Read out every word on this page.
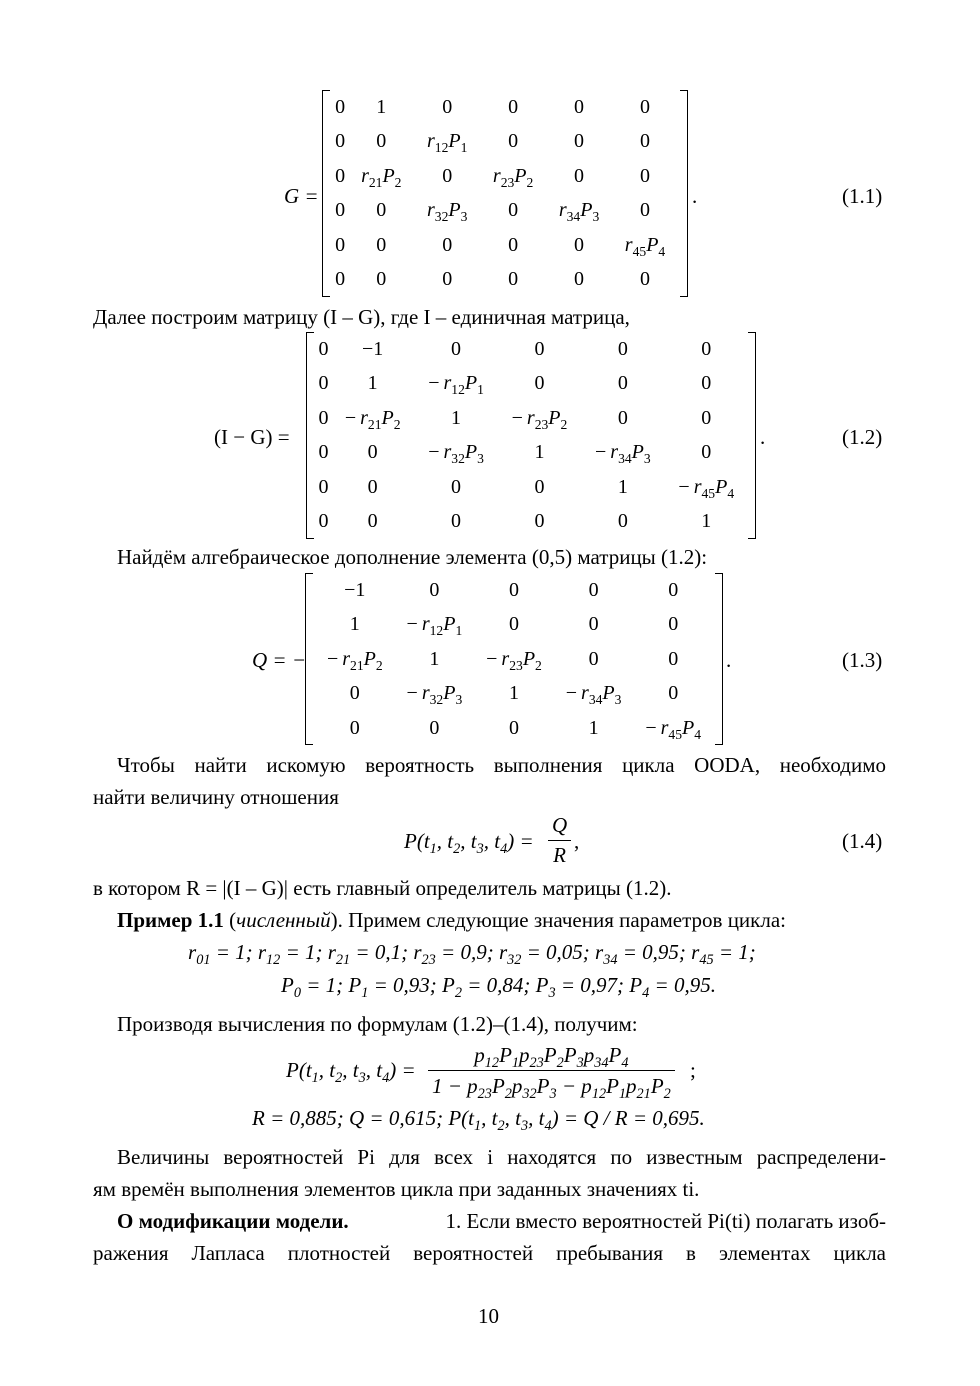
G =
0	1	0	0	0	0
0	0	$r_{12}P_1$	0	0	0
0	$r_{21}P_2$	0	$r_{23}P_2$	0	0
0	0	$r_{32}P_3$	0	$r_{34}P_3$	0
0	0	0	0	0	$r_{45}P_4$
0	0	0	0	0	0
.	(1.1)
Далее построим матрицу (I – G), где I – единичная матрица,
(I − G) =
0	−1	0	0	0	0
0	1	− $r_{12}P_1$	0	0	0
0	− $r_{21}P_2$	1	− $r_{23}P_2$	0	0
0	0	− $r_{32}P_3$	1	− $r_{34}P_3$	0
0	0	0	0	1	− $r_{45}P_4$
0	0	0	0	0	1
.	(1.2)
Найдём алгебраическое дополнение элемента (0,5) матрицы (1.2):
Q = −
−1	0	0	0	0
1	− $r_{12}P_1$	0	0	0
− $r_{21}P_2$	1	− $r_{23}P_2$	0	0
0	− $r_{32}P_3$	1	− $r_{34}P_3$	0
0	0	0	1	− $r_{45}P_4$
.	(1.3)
Чтобы найти искомую вероятность выполнения цикла OODA, необходимо
найти величину отношения
$P(t_1$, $t_2$, $t_3$, $t_4) = \frac{Q}{R}$ ,	(1.4)
в котором R = |(I – G)| есть главный определитель матрицы (1.2).
Пример 1.1 (численный). Примем следующие значения параметров цикла:
$r_{01} = 1$; $r_{12} = 1$; $r_{21} = 0,1$; $r_{23} = 0,9$; $r_{32} = 0,05$; $r_{34} = 0,95$; $r_{45} = 1$;
$P_0 = 1$; $P_1 = 0,93$; $P_2 = 0,84$; $P_3 = 0,97$; $P_4 = 0,95$.
Производя вычисления по формулам (1.2)–(1.4), получим:
$P(t_1$, $t_2$, $t_3$, $t_4) = \frac{p_{12}P_1p_{23}P_2P_3p_{34}P_4}{1 - p_{23}P_2p_{32}P_3 - p_{12}P_1p_{21}P_2}$ ;
R = 0,885; Q = 0,615; $P(t_1$, $t_2$, $t_3$, $t_4) = Q / R = 0,695$.
Величины вероятностей Pi для всех i находятся по известным распределени-
ям времён выполнения элементов цикла при заданных значениях ti.
О модификации модели.	1. Если вместо вероятностей Pi(ti) полагать изоб-
ражения Лапласа плотностей вероятностей пребывания в элементах цикла
10
